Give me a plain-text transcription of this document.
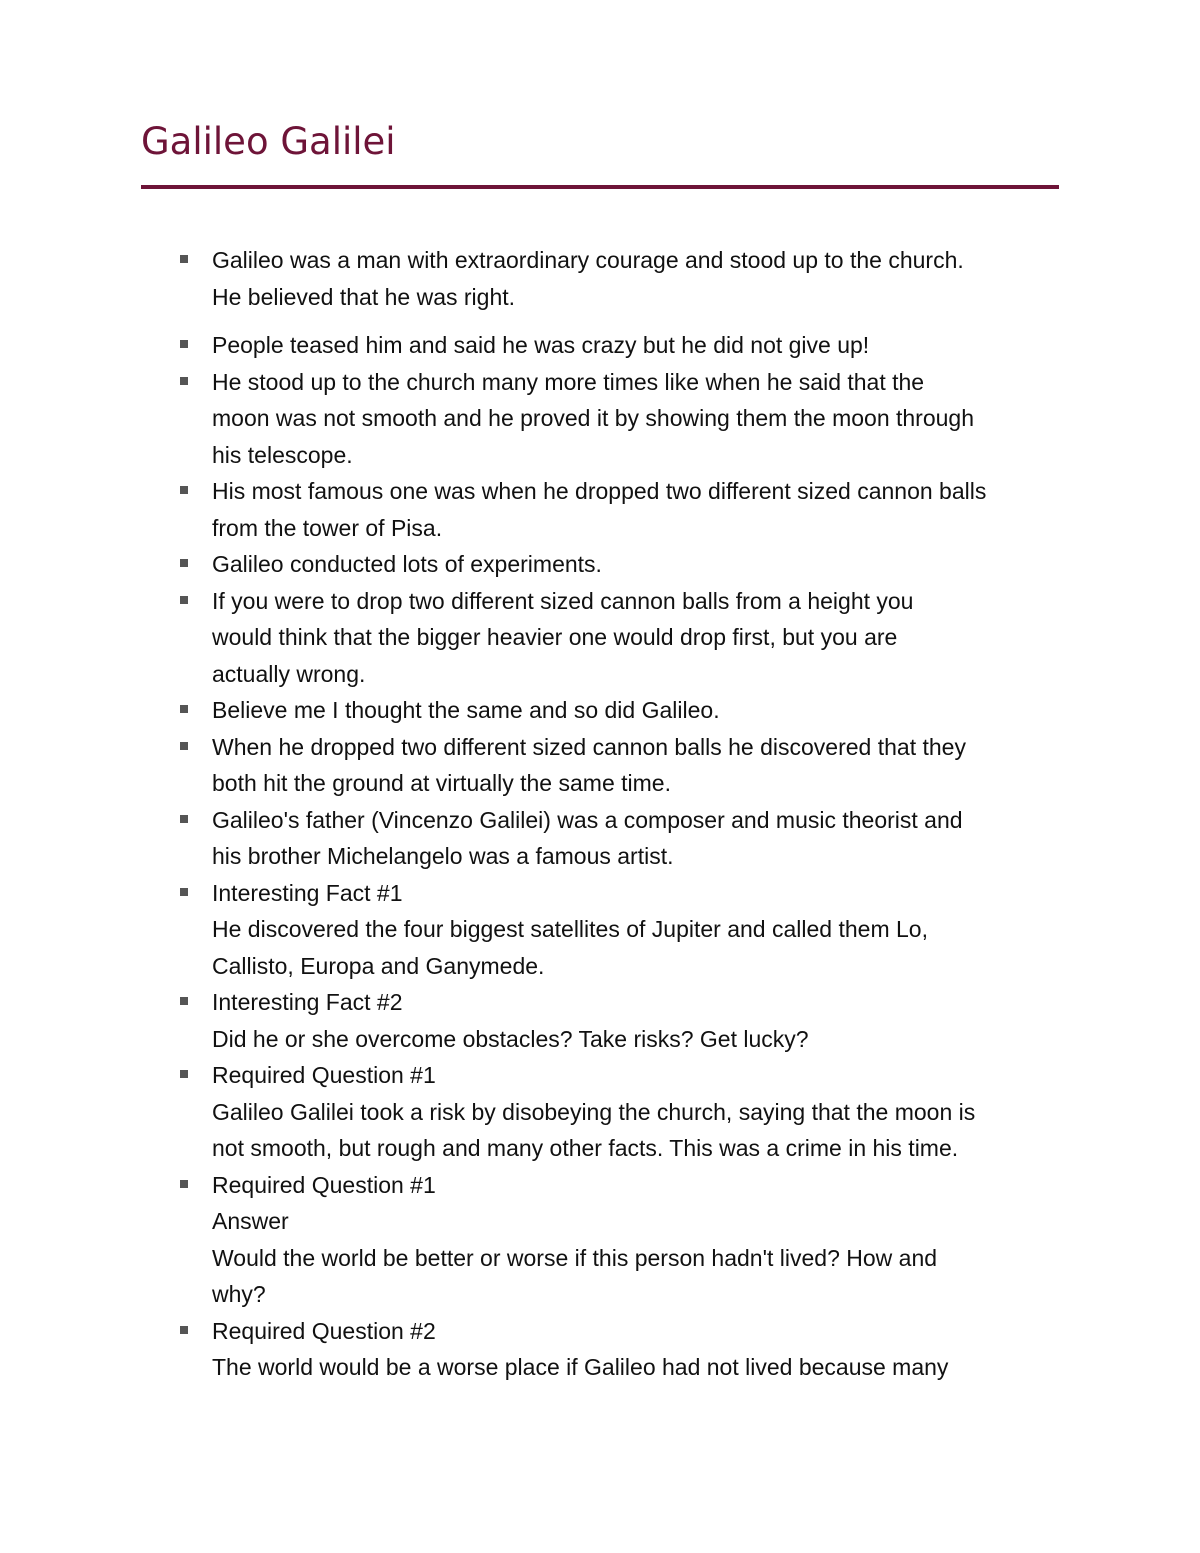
Galileo Galilei
Galileo was a man with extraordinary courage and stood up to the church.
He believed that he was right.
People teased him and said he was crazy but he did not give up!
He stood up to the church many more times like when he said that the
moon was not smooth and he proved it by showing them the moon through
his telescope.
His most famous one was when he dropped two different sized cannon balls
from the tower of Pisa.
Galileo conducted lots of experiments.
If you were to drop two different sized cannon balls from a height you
would think that the bigger heavier one would drop first, but you are
actually wrong.
Believe me I thought the same and so did Galileo.
When he dropped two different sized cannon balls he discovered that they
both hit the ground at virtually the same time.
Galileo's father (Vincenzo Galilei) was a composer and music theorist and
his brother Michelangelo was a famous artist.
Interesting Fact #1
He discovered the four biggest satellites of Jupiter and called them Lo,
Callisto, Europa and Ganymede.
Interesting Fact #2
Did he or she overcome obstacles? Take risks? Get lucky?
Required Question #1
Galileo Galilei took a risk by disobeying the church, saying that the moon is
not smooth, but rough and many other facts. This was a crime in his time.
Required Question #1
Answer
Would the world be better or worse if this person hadn't lived? How and
why?
Required Question #2
The world would be a worse place if Galileo had not lived because many
